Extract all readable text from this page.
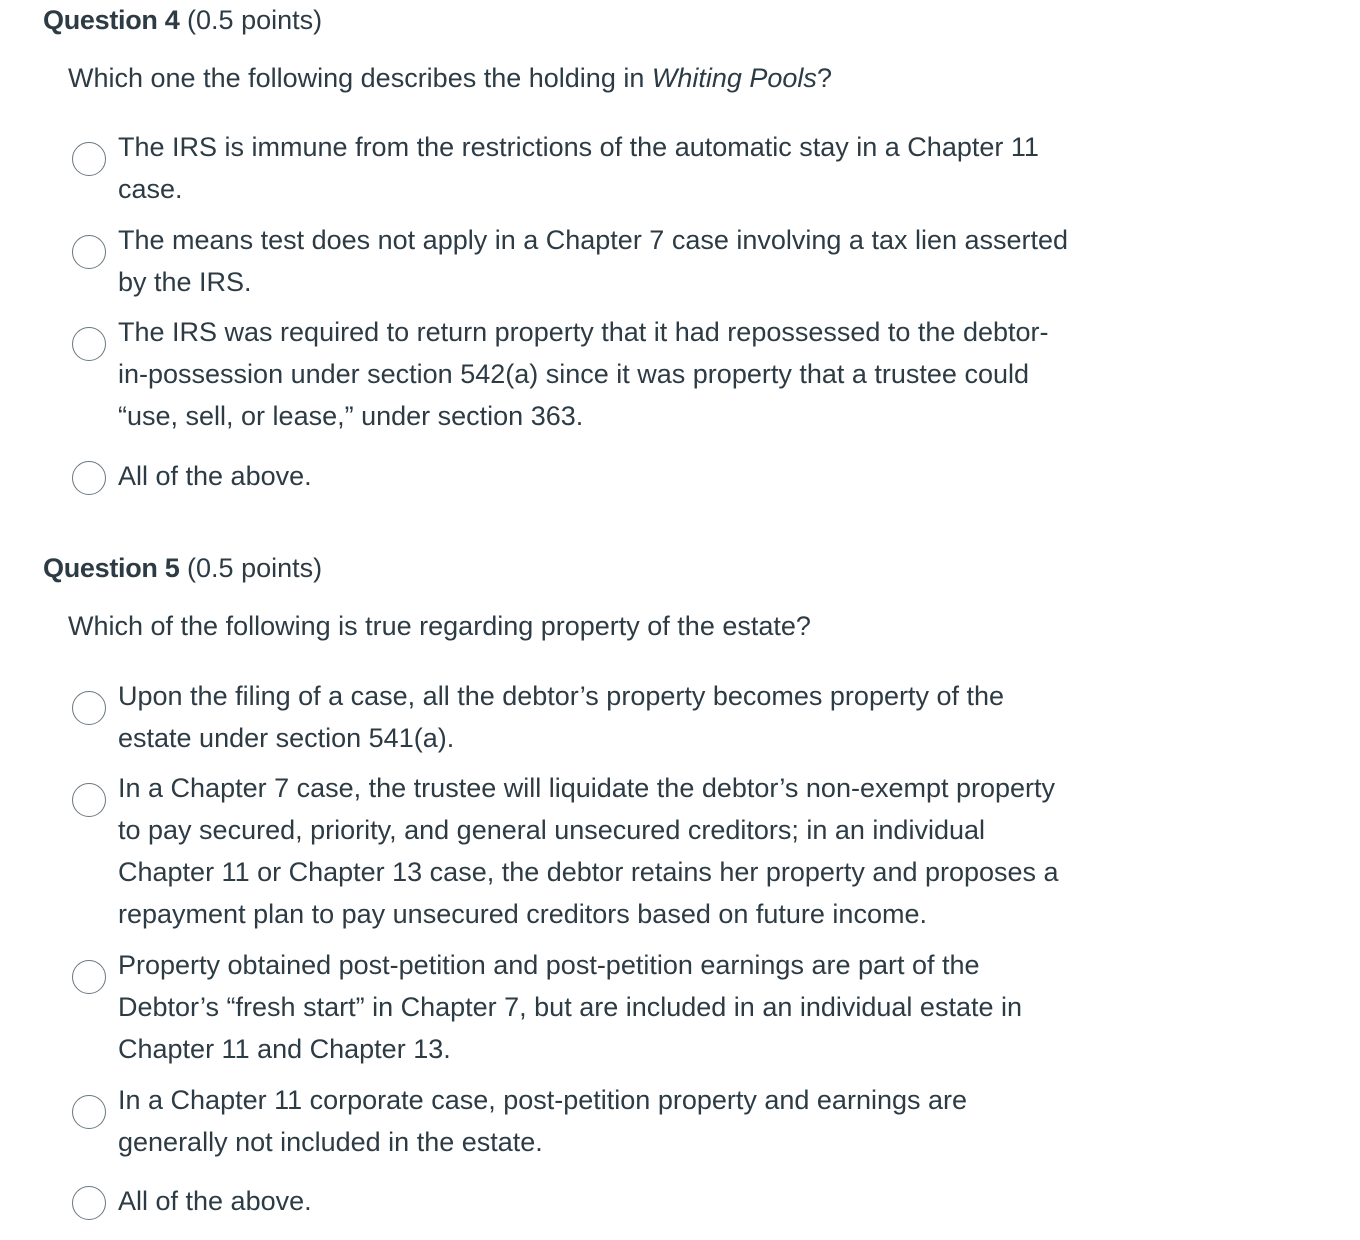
Question 4 (0.5 points)
Which one the following describes the holding in Whiting Pools?
The IRS is immune from the restrictions of the automatic stay in a Chapter 11
case.
The means test does not apply in a Chapter 7 case involving a tax lien asserted
by the IRS.
The IRS was required to return property that it had repossessed to the debtor-
in-possession under section 542(a) since it was property that a trustee could
“use, sell, or lease,” under section 363.
All of the above.
Question 5 (0.5 points)
Which of the following is true regarding property of the estate?
Upon the filing of a case, all the debtor’s property becomes property of the
estate under section 541(a).
In a Chapter 7 case, the trustee will liquidate the debtor’s non-exempt property
to pay secured, priority, and general unsecured creditors; in an individual
Chapter 11 or Chapter 13 case, the debtor retains her property and proposes a
repayment plan to pay unsecured creditors based on future income.
Property obtained post-petition and post-petition earnings are part of the
Debtor’s “fresh start” in Chapter 7, but are included in an individual estate in
Chapter 11 and Chapter 13.
In a Chapter 11 corporate case, post-petition property and earnings are
generally not included in the estate.
All of the above.
